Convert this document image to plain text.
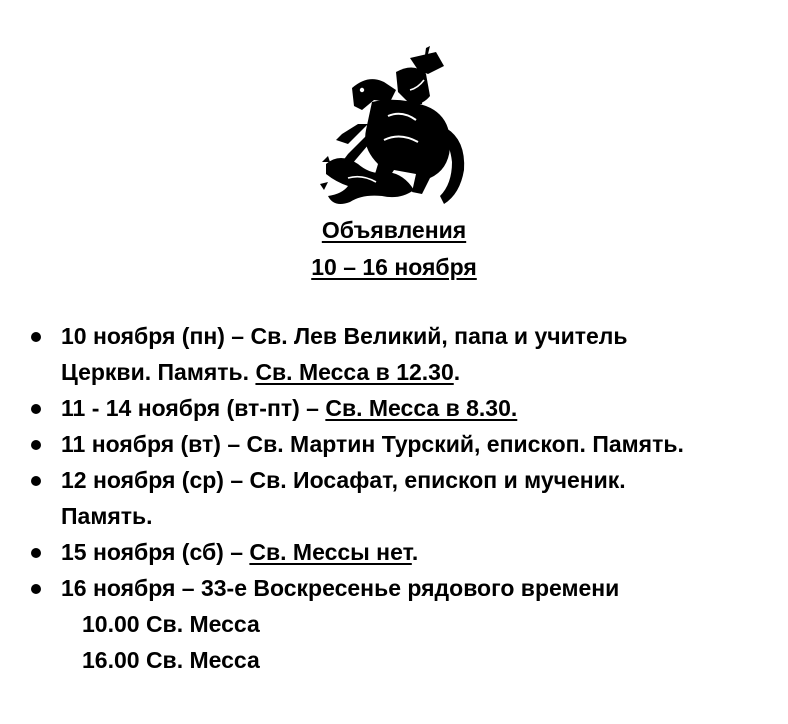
Объявления
10 – 16 ноября
10 ноября (пн) – Св. Лев Великий, папа и учитель
Церкви. Память. Св. Месса в 12.30.
11 - 14 ноября (вт-пт) – Св. Месса в 8.30.
11 ноября (вт) – Св. Мартин Турский, епископ. Память.
12 ноября (ср) – Св. Иосафат, епископ и мученик.
Память.
15 ноября (сб) – Св. Мессы нет.
16 ноября – 33-е Воскресенье рядового времени
10.00 Св. Месса
16.00 Св. Месса
